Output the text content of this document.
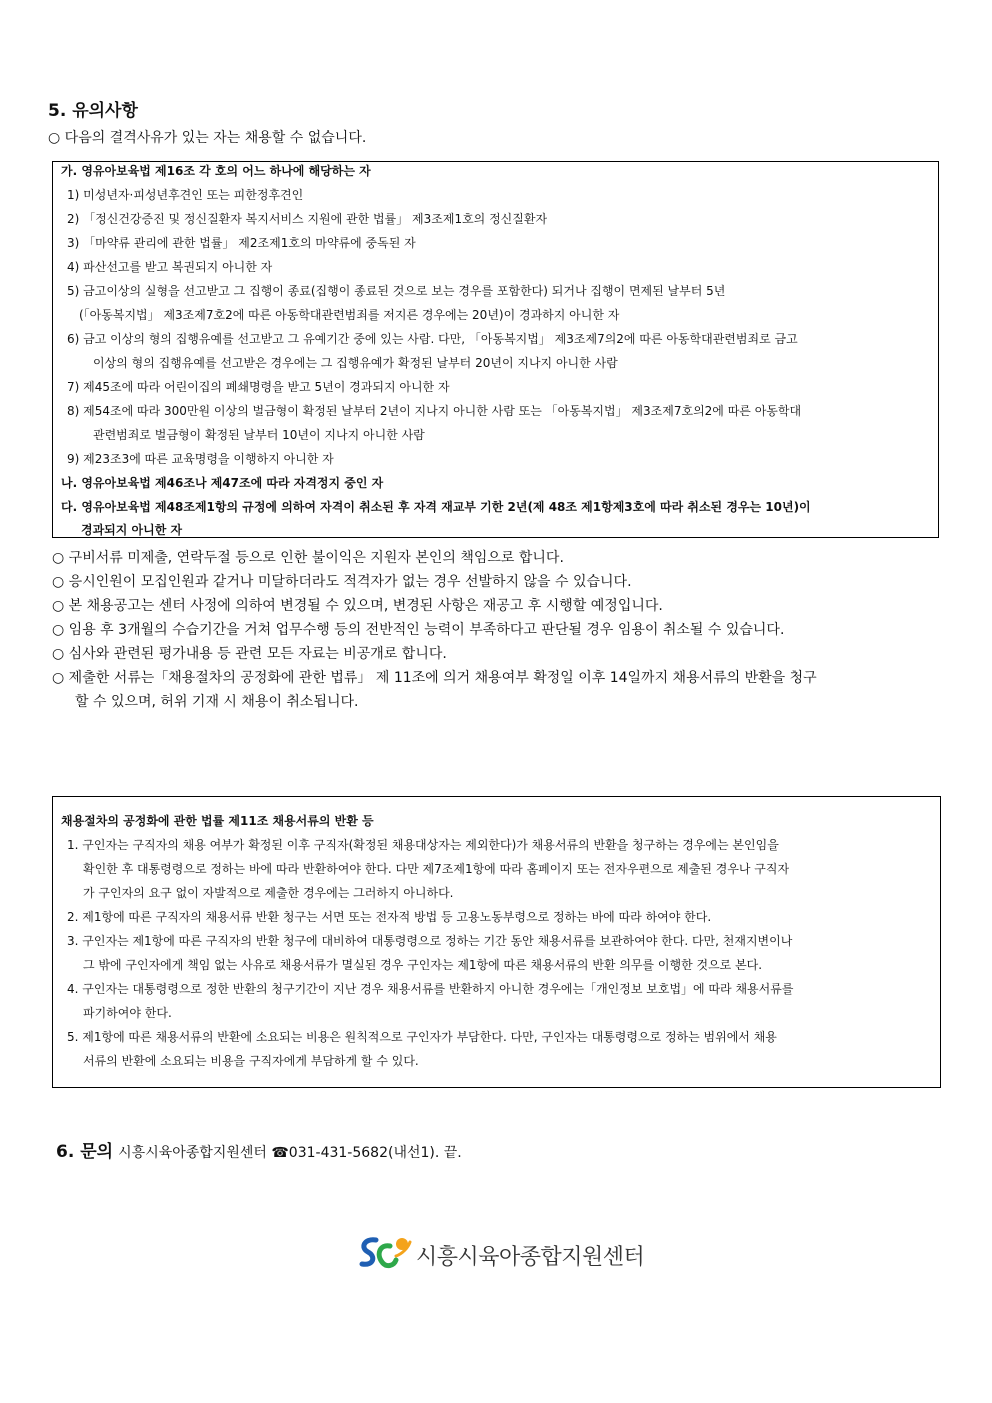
5. 유의사항
○ 다음의 결격사유가 있는 자는 채용할 수 없습니다.
가. 영유아보육법 제16조 각 호의 어느 하나에 해당하는 자
1) 미성년자·피성년후견인 또는 피한정후견인
2) 「정신건강증진 및 정신질환자 복지서비스 지원에 관한 법률」 제3조제1호의 정신질환자
3) 「마약류 관리에 관한 법률」 제2조제1호의 마약류에 중독된 자
4) 파산선고를 받고 복권되지 아니한 자
5) 금고이상의 실형을 선고받고 그 집행이 종료(집행이 종료된 것으로 보는 경우를 포함한다) 되거나 집행이 면제된 날부터 5년
(「아동복지법」 제3조제7호2에 따른 아동학대관련범죄를 저지른 경우에는 20년)이 경과하지 아니한 자
6) 금고 이상의 형의 집행유예를 선고받고 그 유예기간 중에 있는 사람. 다만, 「아동복지법」 제3조제7의2에 따른 아동학대관련범죄로 금고
이상의 형의 집행유예를 선고받은 경우에는 그 집행유예가 확정된 날부터 20년이 지나지 아니한 사람
7) 제45조에 따라 어린이집의 폐쇄명령을 받고 5년이 경과되지 아니한 자
8) 제54조에 따라 300만원 이상의 벌금형이 확정된 날부터 2년이 지나지 아니한 사람 또는 「아동복지법」 제3조제7호의2에 따른 아동학대
관련범죄로 벌금형이 확정된 날부터 10년이 지나지 아니한 사람
9) 제23조3에 따른 교육명령을 이행하지 아니한 자
나. 영유아보육법 제46조나 제47조에 따라 자격정지 중인 자
다. 영유아보육법 제48조제1항의 규정에 의하여 자격이 취소된 후 자격 재교부 기한 2년(제 48조 제1항제3호에 따라 취소된 경우는 10년)이
경과되지 아니한 자
○ 구비서류 미제출, 연락두절 등으로 인한 불이익은 지원자 본인의 책임으로 합니다.
○ 응시인원이 모집인원과 같거나 미달하더라도 적격자가 없는 경우 선발하지 않을 수 있습니다.
○ 본 채용공고는 센터 사정에 의하여 변경될 수 있으며, 변경된 사항은 재공고 후 시행할 예정입니다.
○ 임용 후 3개월의 수습기간을 거쳐 업무수행 등의 전반적인 능력이 부족하다고 판단될 경우 임용이 취소될 수 있습니다.
○ 심사와 관련된 평가내용 등 관련 모든 자료는 비공개로 합니다.
○ 제출한 서류는「채용절차의 공정화에 관한 법류」 제 11조에 의거 채용여부 확정일 이후 14일까지 채용서류의 반환을 청구
할 수 있으며, 허위 기재 시 채용이 취소됩니다.
채용절차의 공정화에 관한 법률 제11조 채용서류의 반환 등
1. 구인자는 구직자의 채용 여부가 확정된 이후 구직자(확정된 채용대상자는 제외한다)가 채용서류의 반환을 청구하는 경우에는 본인임을
확인한 후 대통령령으로 정하는 바에 따라 반환하여야 한다. 다만 제7조제1항에 따라 홈페이지 또는 전자우편으로 제출된 경우나 구직자
가 구인자의 요구 없이 자발적으로 제출한 경우에는 그러하지 아니하다.
2. 제1항에 따른 구직자의 채용서류 반환 청구는 서면 또는 전자적 방법 등 고용노동부령으로 정하는 바에 따라 하여야 한다.
3. 구인자는 제1항에 따른 구직자의 반환 청구에 대비하여 대통령령으로 정하는 기간 동안 채용서류를 보관하여야 한다. 다만, 천재지변이나
그 밖에 구인자에게 책임 없는 사유로 채용서류가 멸실된 경우 구인자는 제1항에 따른 채용서류의 반환 의무를 이행한 것으로 본다.
4. 구인자는 대통령령으로 정한 반환의 청구기간이 지난 경우 채용서류를 반환하지 아니한 경우에는「개인정보 보호법」에 따라 채용서류를
파기하여야 한다.
5. 제1항에 따른 채용서류의 반환에 소요되는 비용은 원칙적으로 구인자가 부담한다. 다만, 구인자는 대통령령으로 정하는 범위에서 채용
서류의 반환에 소요되는 비용을 구직자에게 부담하게 할 수 있다.
6. 문의 시흥시육아종합지원센터 ☎031-431-5682(내선1). 끝.
시흥시육아종합지원센터
